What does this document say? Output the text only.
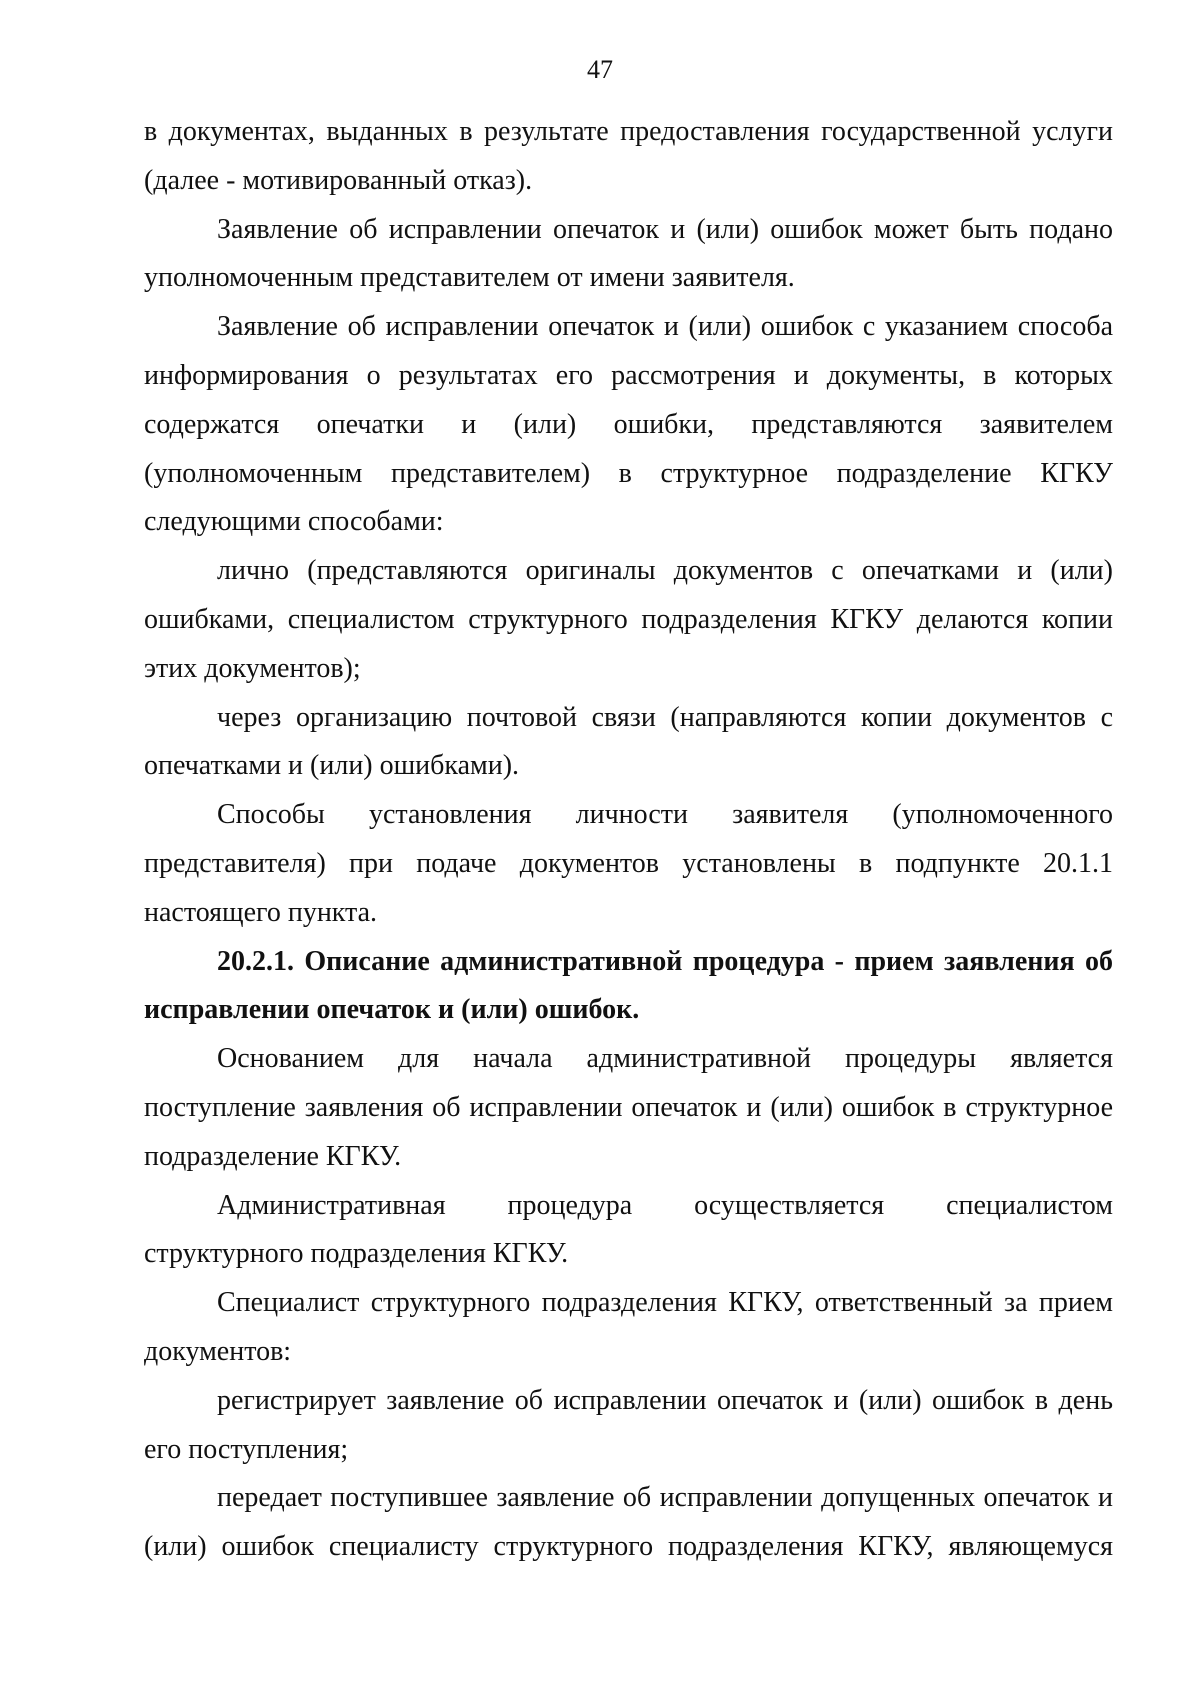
47

в документах, выданных в результате предоставления государственной услуги (далее - мотивированный отказ).

Заявление об исправлении опечаток и (или) ошибок может быть подано уполномоченным представителем от имени заявителя.

Заявление об исправлении опечаток и (или) ошибок с указанием способа информирования о результатах его рассмотрения и документы, в которых содержатся опечатки и (или) ошибки, представляются заявителем (уполномоченным представителем) в структурное подразделение КГКУ следующими способами:

лично (представляются оригиналы документов с опечатками и (или) ошибками, специалистом структурного подразделения КГКУ делаются копии этих документов);

через организацию почтовой связи (направляются копии документов с опечатками и (или) ошибками).

Способы установления личности заявителя (уполномоченного представителя) при подаче документов установлены в подпункте 20.1.1 настоящего пункта.

20.2.1. Описание административной процедура - прием заявления об исправлении опечаток и (или) ошибок.

Основанием для начала административной процедуры является поступление заявления об исправлении опечаток и (или) ошибок в структурное подразделение КГКУ.

Административная процедура осуществляется специалистом структурного подразделения КГКУ.

Специалист структурного подразделения КГКУ, ответственный за прием документов:

регистрирует заявление об исправлении опечаток и (или) ошибок в день его поступления;

передает поступившее заявление об исправлении допущенных опечаток и (или) ошибок специалисту структурного подразделения КГКУ, являющемуся
